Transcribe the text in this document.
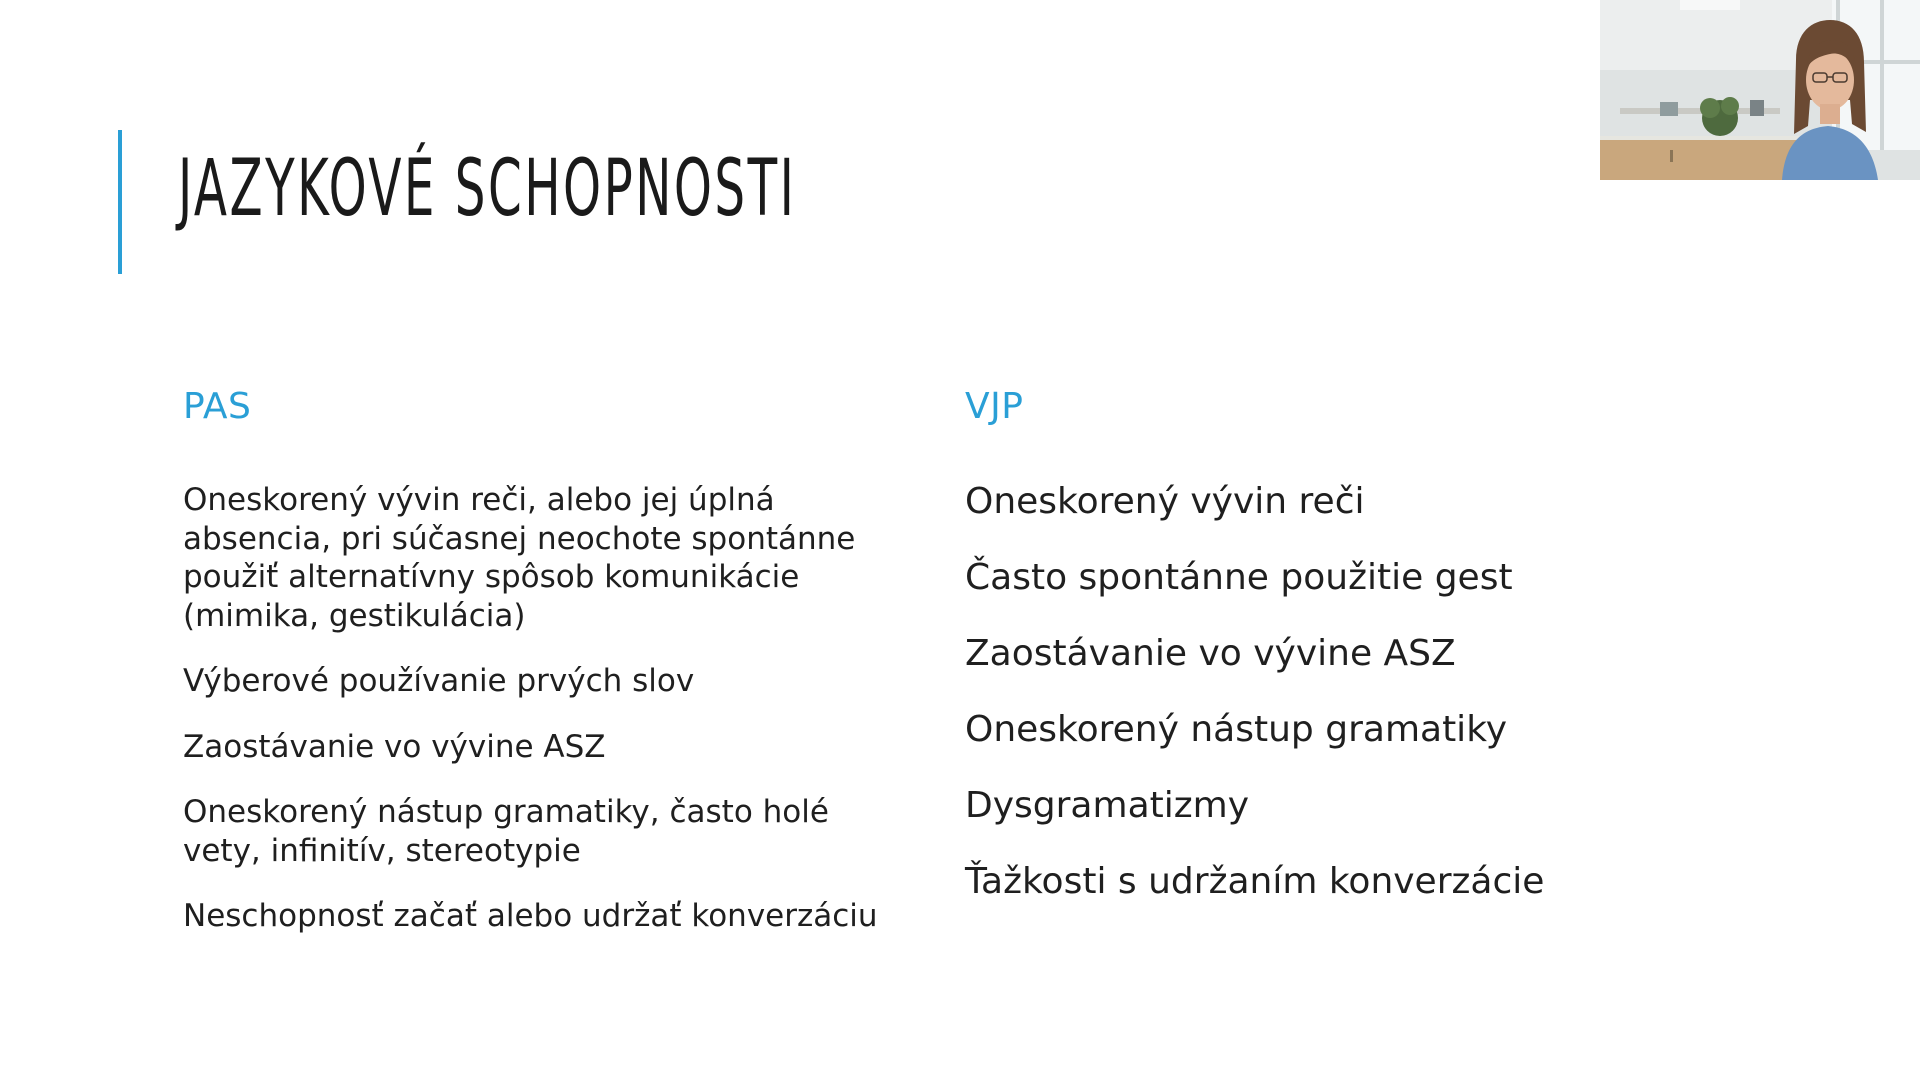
JAZYKOVÉ SCHOPNOSTI
PAS
Oneskorený vývin reči, alebo jej úplná absencia, pri súčasnej neochote spontánne použiť alternatívny spôsob komunikácie (mimika, gestikulácia)
Výberové používanie prvých slov
Zaostávanie vo vývine ASZ
Oneskorený nástup gramatiky, často holé vety, infinitív, stereotypie
Neschopnosť začať alebo udržať konverzáciu
VJP
Oneskorený vývin reči
Často spontánne použitie gest
Zaostávanie vo vývine ASZ
Oneskorený nástup gramatiky
Dysgramatizmy
Ťažkosti s udržaním konverzácie
